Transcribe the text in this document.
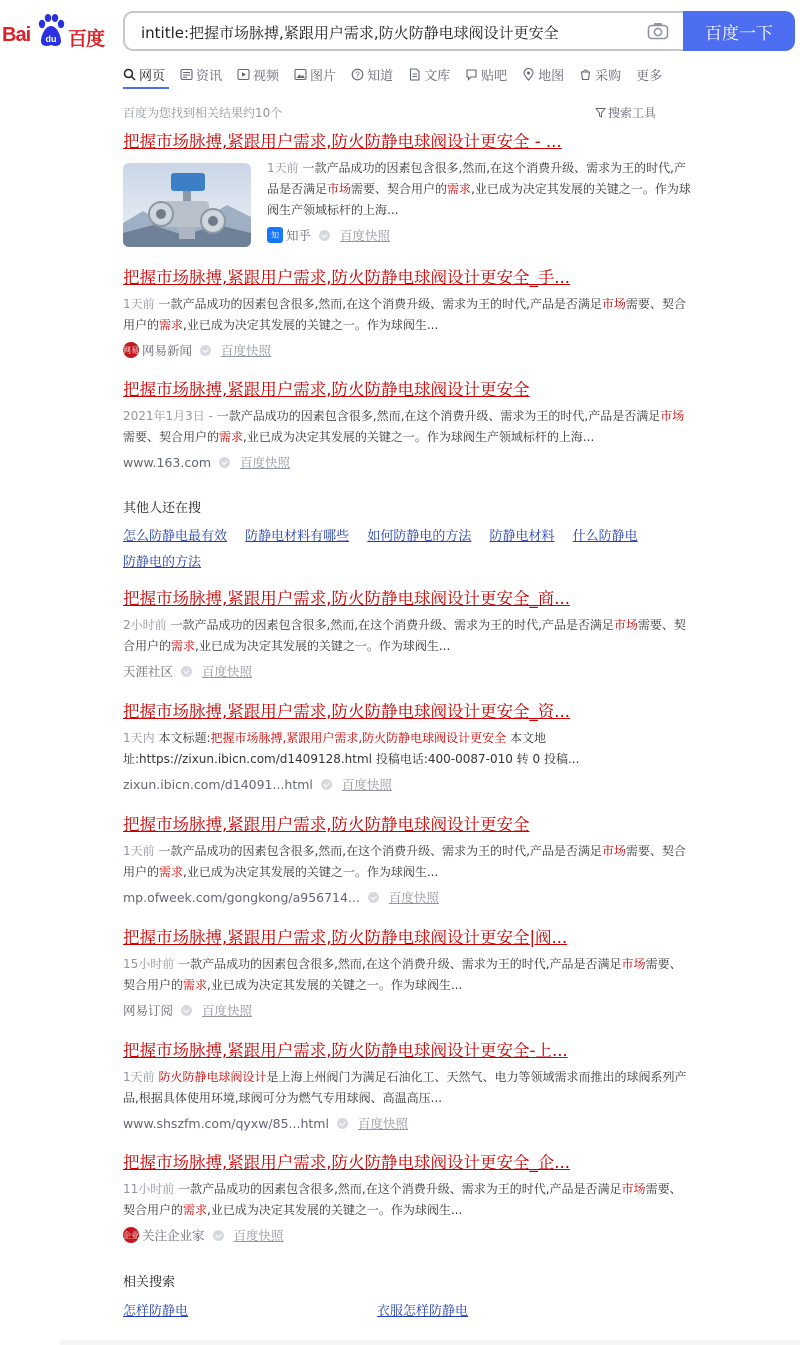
Bai du 百度
intitle:把握市场脉搏,紧跟用户需求,防火防静电球阀设计更安全	百度一下
网页 资讯 视频 图片 ? 知道 文库 贴吧 地图 采购 更多
百度为您找到相关结果约10个	搜索工具
把握市场脉搏,紧跟用户需求,防火防静电球阀设计更安全 - ...
1天前 一款产品成功的因素包含很多,然而,在这个消费升级、需求为王的时代,产品是否满足市场需要、契合用户的需求,业已成为决定其发展的关键之一。作为球阀生产领域标杆的上海...
知 知乎 百度快照
把握市场脉搏,紧跟用户需求,防火防静电球阀设计更安全_手...
1天前 一款产品成功的因素包含很多,然而,在这个消费升级、需求为王的时代,产品是否满足市场需要、契合用户的需求,业已成为决定其发展的关键之一。作为球阀生...
网易 网易新闻 百度快照
把握市场脉搏,紧跟用户需求,防火防静电球阀设计更安全
2021年1月3日 - 一款产品成功的因素包含很多,然而,在这个消费升级、需求为王的时代,产品是否满足市场需要、契合用户的需求,业已成为决定其发展的关键之一。作为球阀生产领域标杆的上海...
www.163.com 百度快照
把握市场脉搏,紧跟用户需求,防火防静电球阀设计更安全_商...
2小时前 一款产品成功的因素包含很多,然而,在这个消费升级、需求为王的时代,产品是否满足市场需要、契合用户的需求,业已成为决定其发展的关键之一。作为球阀生...
天涯社区 百度快照
把握市场脉搏,紧跟用户需求,防火防静电球阀设计更安全_资...
1天内 本文标题:把握市场脉搏,紧跟用户需求,防火防静电球阀设计更安全 本文地址:https://zixun.ibicn.com/d1409128.html 投稿电话:400-0087-010 转 0 投稿...
zixun.ibicn.com/d14091...html 百度快照
把握市场脉搏,紧跟用户需求,防火防静电球阀设计更安全
1天前 一款产品成功的因素包含很多,然而,在这个消费升级、需求为王的时代,产品是否满足市场需要、契合用户的需求,业已成为决定其发展的关键之一。作为球阀生...
mp.ofweek.com/gongkong/a956714... 百度快照
把握市场脉搏,紧跟用户需求,防火防静电球阀设计更安全|阀...
15小时前 一款产品成功的因素包含很多,然而,在这个消费升级、需求为王的时代,产品是否满足市场需要、契合用户的需求,业已成为决定其发展的关键之一。作为球阀生...
网易订阅 百度快照
把握市场脉搏,紧跟用户需求,防火防静电球阀设计更安全-上...
1天前 防火防静电球阀设计是上海上州阀门为满足石油化工、天然气、电力等领域需求而推出的球阀系列产品,根据具体使用环境,球阀可分为燃气专用球阀、高温高压...
www.shszfm.com/qyxw/85...html 百度快照
把握市场脉搏,紧跟用户需求,防火防静电球阀设计更安全_企...
11小时前 一款产品成功的因素包含很多,然而,在这个消费升级、需求为王的时代,产品是否满足市场需要、契合用户的需求,业已成为决定其发展的关键之一。作为球阀生...
企业 关注企业家 百度快照
其他人还在搜
怎么防静电最有效 防静电材料有哪些 如何防静电的方法 防静电材料 什么防静电 防静电的方法
相关搜索
怎样防静电	衣服怎样防静电
